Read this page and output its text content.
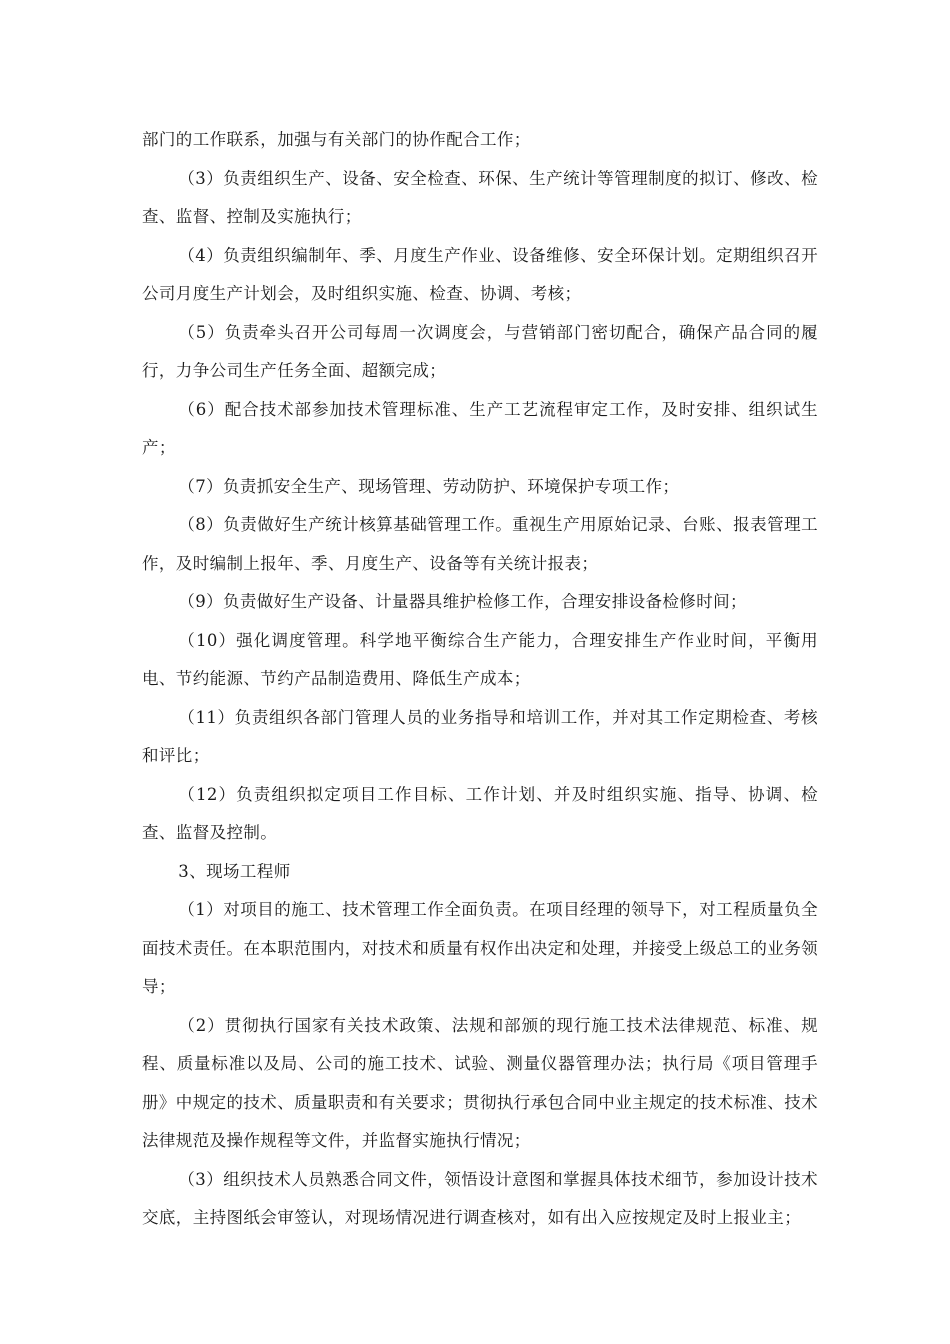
部门的工作联系，加强与有关部门的协作配合工作；

（3）负责组织生产、设备、安全检查、环保、生产统计等管理制度的拟订、修改、检查、监督、控制及实施执行；

（4）负责组织编制年、季、月度生产作业、设备维修、安全环保计划。定期组织召开公司月度生产计划会，及时组织实施、检查、协调、考核；

（5）负责牵头召开公司每周一次调度会，与营销部门密切配合，确保产品合同的履行，力争公司生产任务全面、超额完成；

（6）配合技术部参加技术管理标准、生产工艺流程审定工作，及时安排、组织试生产；

（7）负责抓安全生产、现场管理、劳动防护、环境保护专项工作；

（8）负责做好生产统计核算基础管理工作。重视生产用原始记录、台账、报表管理工作，及时编制上报年、季、月度生产、设备等有关统计报表；

（9）负责做好生产设备、计量器具维护检修工作，合理安排设备检修时间；

（10）强化调度管理。科学地平衡综合生产能力，合理安排生产作业时间，平衡用电、节约能源、节约产品制造费用、降低生产成本；

（11）负责组织各部门管理人员的业务指导和培训工作，并对其工作定期检查、考核和评比；

（12）负责组织拟定项目工作目标、工作计划、并及时组织实施、指导、协调、检查、监督及控制。

3、现场工程师

（1）对项目的施工、技术管理工作全面负责。在项目经理的领导下，对工程质量负全面技术责任。在本职范围内，对技术和质量有权作出决定和处理，并接受上级总工的业务领导；

（2）贯彻执行国家有关技术政策、法规和部颁的现行施工技术法律规范、标准、规程、质量标准以及局、公司的施工技术、试验、测量仪器管理办法；执行局《项目管理手册》中规定的技术、质量职责和有关要求；贯彻执行承包合同中业主规定的技术标准、技术法律规范及操作规程等文件，并监督实施执行情况；

（3）组织技术人员熟悉合同文件，领悟设计意图和掌握具体技术细节，参加设计技术交底，主持图纸会审签认，对现场情况进行调查核对，如有出入应按规定及时上报业主；
